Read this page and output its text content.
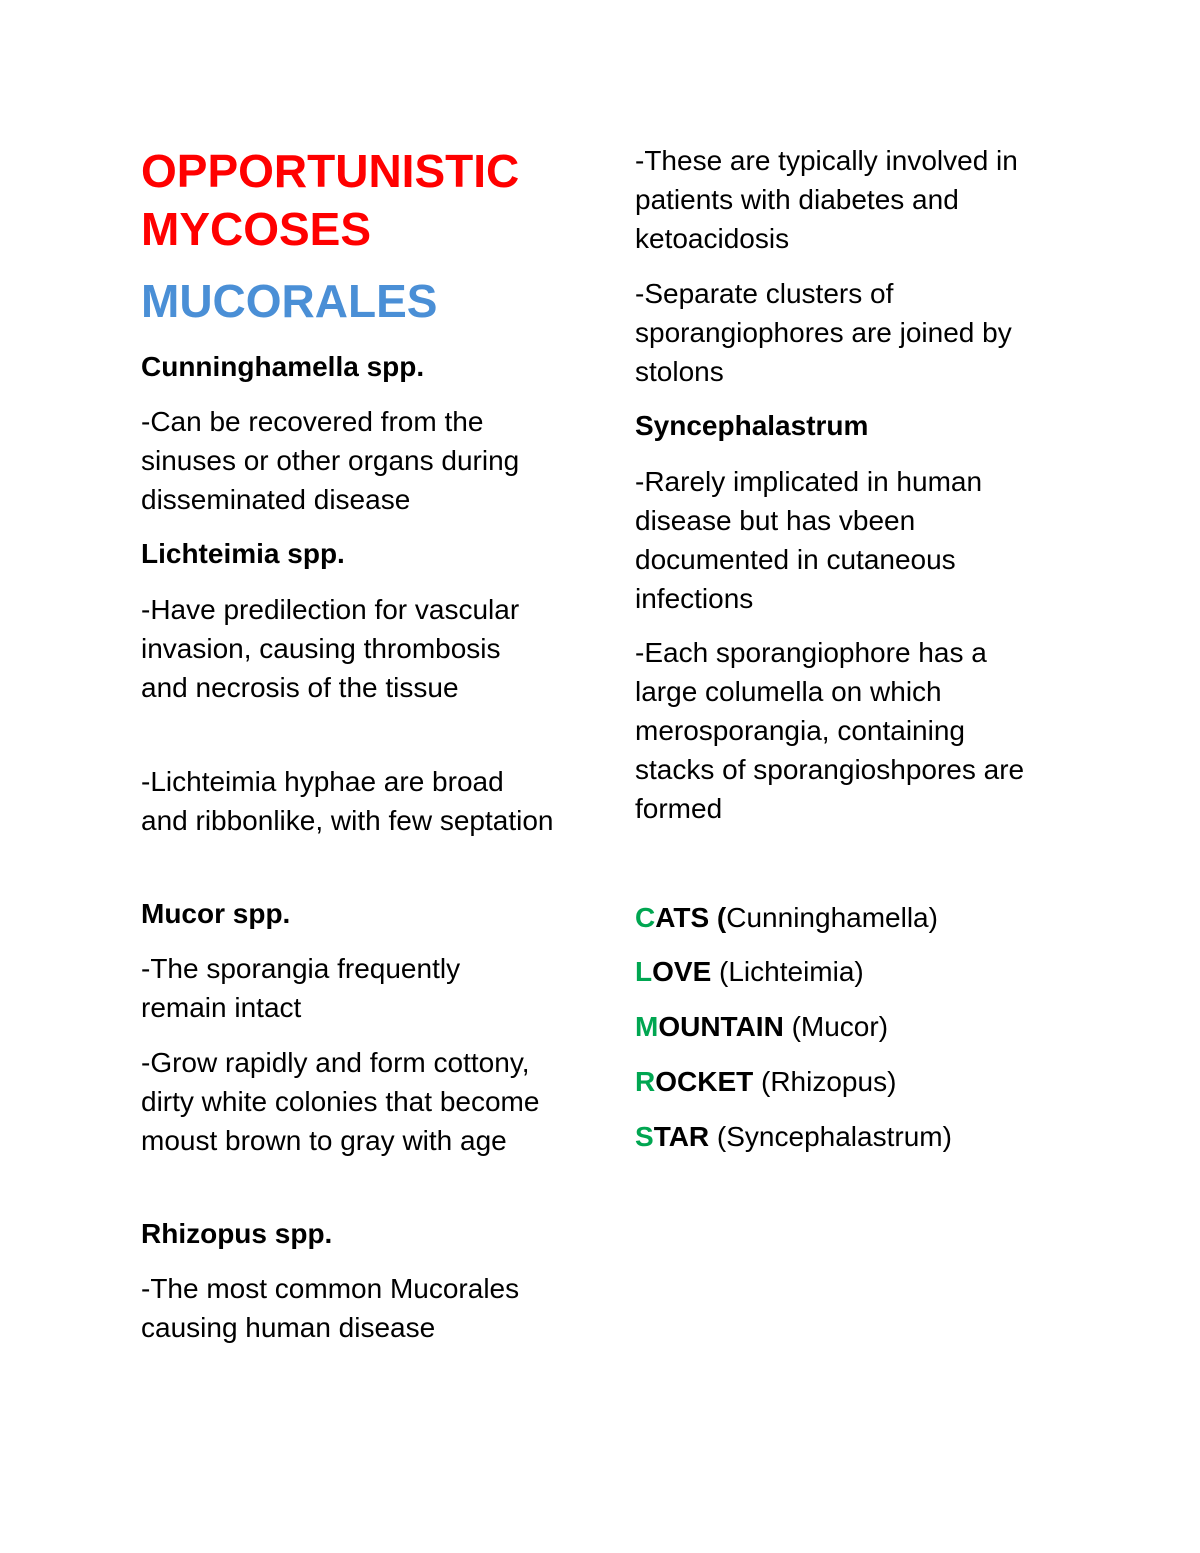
OPPORTUNISTIC MYCOSES
MUCORALES

Cunninghamella spp.

-Can be recovered from the sinuses or other organs during disseminated disease

Lichteimia spp.

-Have predilection for vascular invasion, causing thrombosis and necrosis of the tissue

-Lichteimia hyphae are broad and ribbonlike, with few septation

Mucor spp.

-The sporangia frequently remain intact

-Grow rapidly and form cottony, dirty white colonies that become moust brown to gray with age

Rhizopus spp.

-The most common Mucorales causing human disease

-These are typically involved in patients with diabetes and ketoacidosis

-Separate clusters of sporangiophores are joined by stolons

Syncephalastrum

-Rarely implicated in human disease but has vbeen documented in cutaneous infections

-Each sporangiophore has a large columella on which merosporangia, containing stacks of sporangioshpores are formed

CATS (Cunninghamella)

LOVE (Lichteimia)

MOUNTAIN (Mucor)

ROCKET (Rhizopus)

STAR (Syncephalastrum)
